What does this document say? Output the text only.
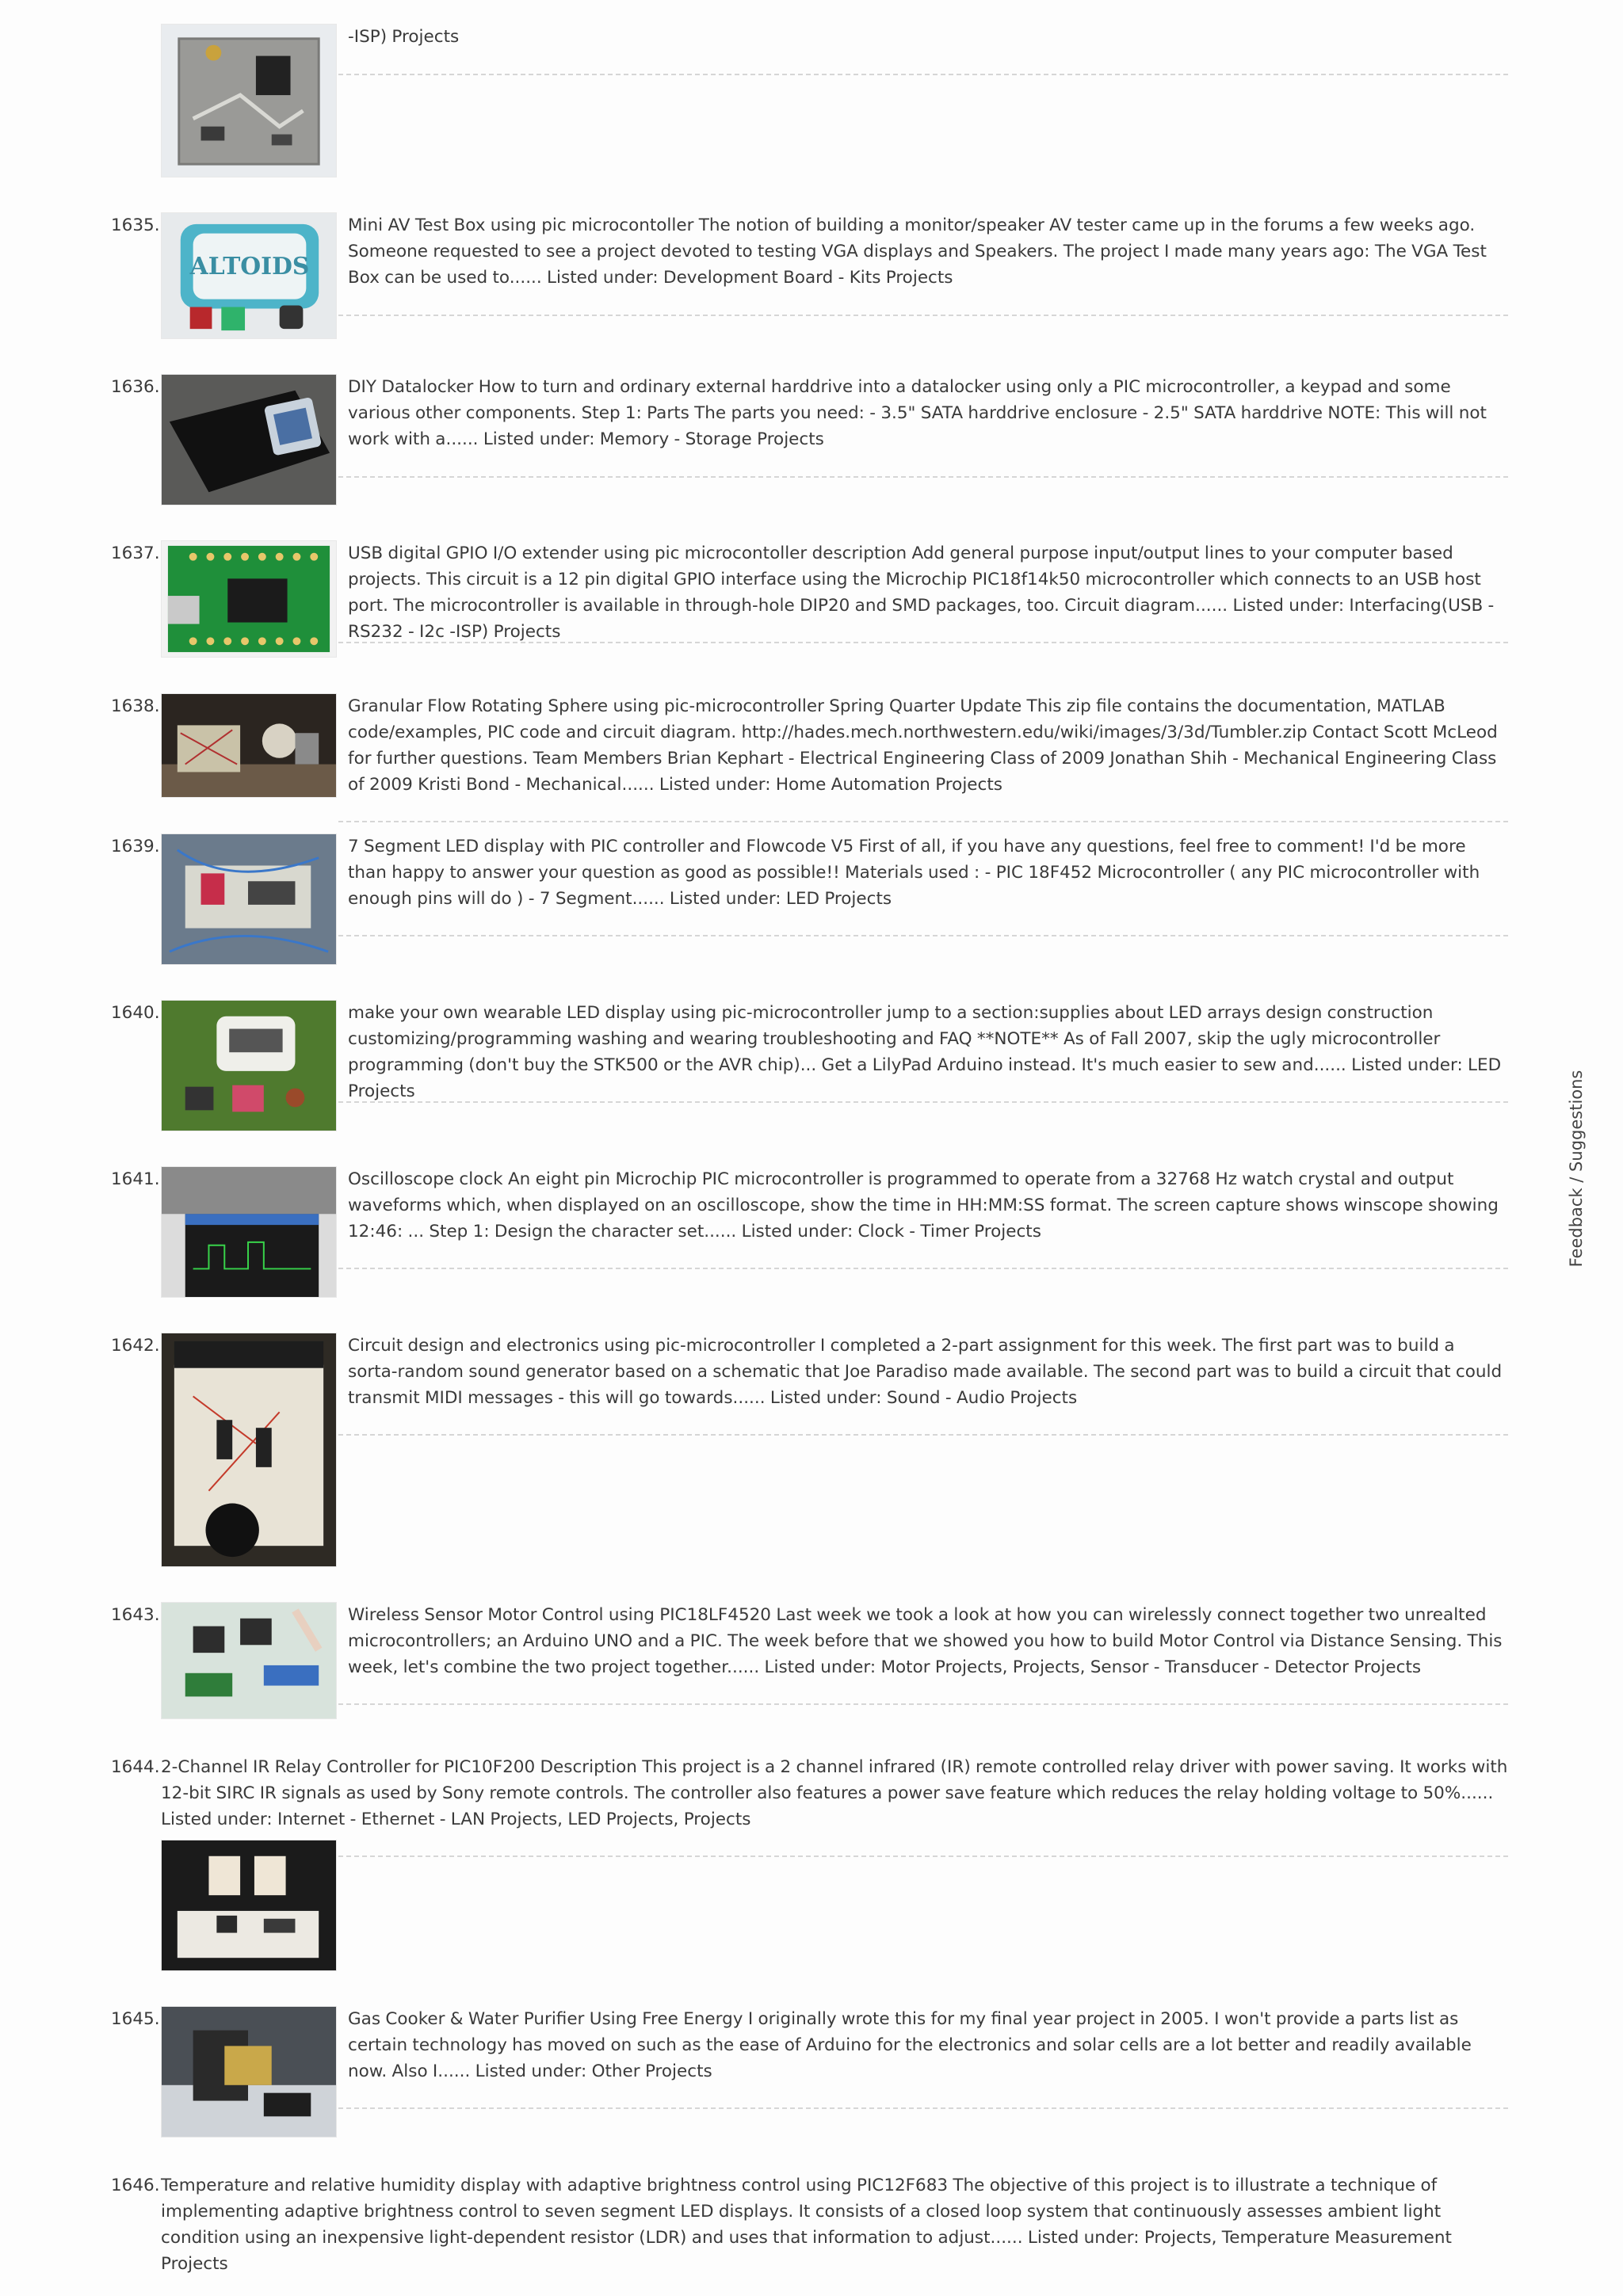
-ISP) Projects
1635.
ALTOIDS
Mini AV Test Box using pic microcontoller The notion of building a monitor/speaker AV tester came up in the forums a few weeks ago. Someone requested to see a project devoted to testing VGA displays and Speakers. The project I made many years ago: The VGA Test Box can be used to...... Listed under: Development Board - Kits Projects
1636.	DIY Datalocker How to turn and ordinary external harddrive into a datalocker using only a PIC microcontroller, a keypad and some various other components. Step 1: Parts The parts you need: - 3.5" SATA harddrive enclosure - 2.5" SATA harddrive NOTE: This will not work with a...... Listed under: Memory - Storage Projects
1637.	USB digital GPIO I/O extender using pic microcontoller description Add general purpose input/output lines to your computer based projects. This circuit is a 12 pin digital GPIO interface using the Microchip PIC18f14k50 microcontroller which connects to an USB host port. The microcontroller is available in through-hole DIP20 and SMD packages, too. Circuit diagram...... Listed under: Interfacing(USB - RS232 - I2c -ISP) Projects
1638.	Granular Flow Rotating Sphere using pic-microcontroller Spring Quarter Update This zip file contains the documentation, MATLAB code/examples, PIC code and circuit diagram. http://hades.mech.northwestern.edu/wiki/images/3/3d/Tumbler.zip Contact Scott McLeod for further questions. Team Members Brian Kephart - Electrical Engineering Class of 2009 Jonathan Shih - Mechanical Engineering Class of 2009 Kristi Bond - Mechanical...... Listed under: Home Automation Projects
1639.	7 Segment LED display with PIC controller and Flowcode V5 First of all, if you have any questions, feel free to comment! I'd be more than happy to answer your question as good as possible!! Materials used : - PIC 18F452 Microcontroller ( any PIC microcontroller with enough pins will do ) - 7 Segment...... Listed under: LED Projects
1640.	make your own wearable LED display using pic-microcontroller jump to a section:supplies about LED arrays design construction customizing/programming washing and wearing troubleshooting and FAQ **NOTE** As of Fall 2007, skip the ugly microcontroller programming (don't buy the STK500 or the AVR chip)... Get a LilyPad Arduino instead. It's much easier to sew and...... Listed under: LED Projects
1641.	Oscilloscope clock An eight pin Microchip PIC microcontroller is programmed to operate from a 32768 Hz watch crystal and output waveforms which, when displayed on an oscilloscope, show the time in HH:MM:SS format. The screen capture shows winscope showing 12:46: ... Step 1: Design the character set...... Listed under: Clock - Timer Projects
1642.	Circuit design and electronics using pic-microcontroller I completed a 2-part assignment for this week. The first part was to build a sorta-random sound generator based on a schematic that Joe Paradiso made available. The second part was to build a circuit that could transmit MIDI messages - this will go towards...... Listed under: Sound - Audio Projects
1643.	Wireless Sensor Motor Control using PIC18LF4520 Last week we took a look at how you can wirelessly connect together two unrealted microcontrollers; an Arduino UNO and a PIC. The week before that we showed you how to build Motor Control via Distance Sensing. This week, let's combine the two project together...... Listed under: Motor Projects, Projects, Sensor - Transducer - Detector Projects
1644. 2-Channel IR Relay Controller for PIC10F200 Description This project is a 2 channel infrared (IR) remote controlled relay driver with power saving. It works with 12-bit SIRC IR signals as used by Sony remote controls. The controller also features a power save feature which reduces the relay holding voltage to 50%...... Listed under: Internet - Ethernet - LAN Projects, LED Projects, Projects
1645.	Gas Cooker & Water Purifier Using Free Energy I originally wrote this for my final year project in 2005. I won't provide a parts list as certain technology has moved on such as the ease of Arduino for the electronics and solar cells are a lot better and readily available now. Also I...... Listed under: Other Projects
1646. Temperature and relative humidity display with adaptive brightness control using PIC12F683 The objective of this project is to illustrate a technique of implementing adaptive brightness control to seven segment LED displays. It consists of a closed loop system that continuously assesses ambient light condition using an inexpensive light-dependent resistor (LDR) and uses that information to adjust...... Listed under: Projects, Temperature Measurement Projects
Feedback / Suggestions
